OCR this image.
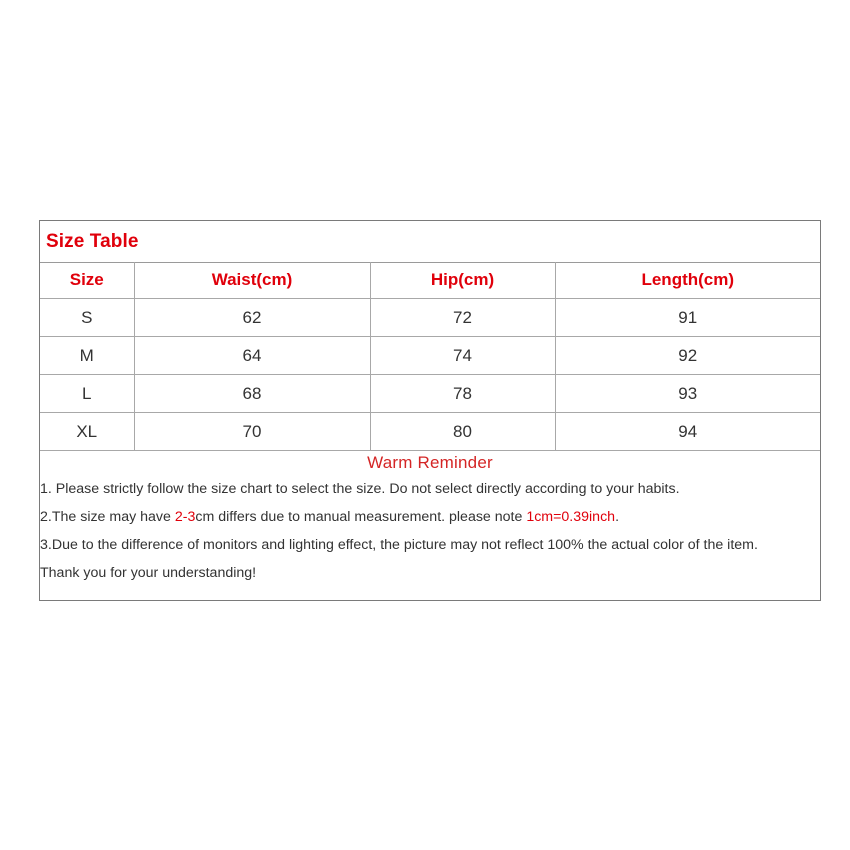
Size Table
Size	Waist(cm)	Hip(cm)	Length(cm)
S	62	72	91
M	64	74	92
L	68	78	93
XL	70	80	94
Warm Reminder
1. Please strictly follow the size chart to select the size. Do not select directly according to your habits.
2.The size may have 2-3cm differs due to manual measurement. please note 1cm=0.39inch.
3.Due to the difference of monitors and lighting effect, the picture may not reflect 100% the actual color of the item.
Thank you for your understanding!
